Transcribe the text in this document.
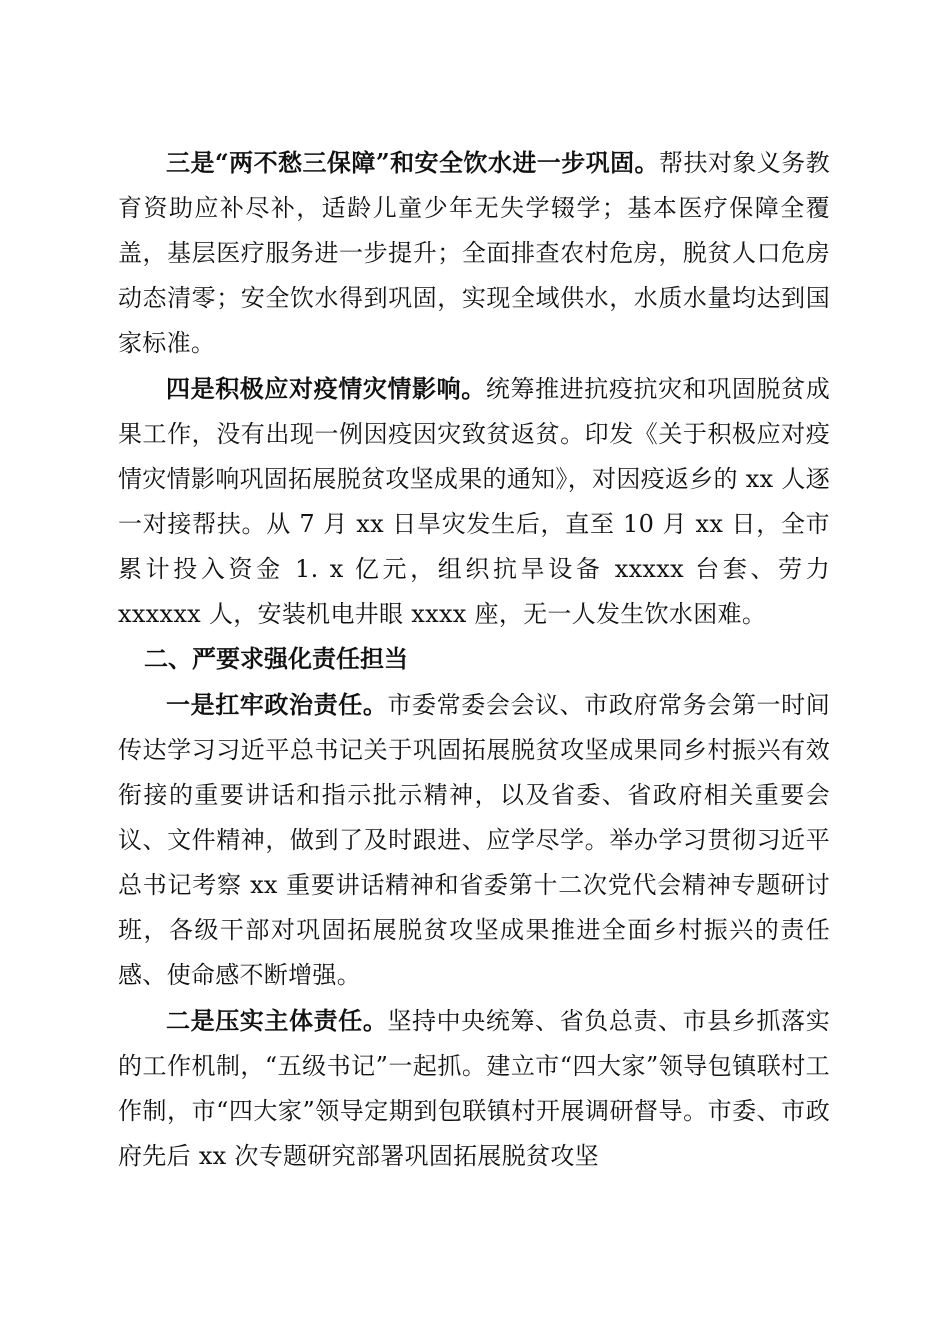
三是“两不愁三保障”和安全饮水进一步巩固。帮扶对象义务教育资助应补尽补，适龄儿童少年无失学辍学；基本医疗保障全覆盖，基层医疗服务进一步提升；全面排查农村危房，脱贫人口危房动态清零；安全饮水得到巩固，实现全域供水，水质水量均达到国家标准。

四是积极应对疫情灾情影响。统筹推进抗疫抗灾和巩固脱贫成果工作，没有出现一例因疫因灾致贫返贫。印发《关于积极应对疫情灾情影响巩固拓展脱贫攻坚成果的通知》，对因疫返乡的 xx 人逐一对接帮扶。从 7 月 xx 日旱灾发生后，直至 10 月 xx 日，全市累计投入资金 1. x 亿元，组织抗旱设备 xxxxx 台套、劳力 xxxxxx 人，安装机电井眼 xxxx 座，无一人发生饮水困难。

二、严要求强化责任担当

一是扛牢政治责任。市委常委会会议、市政府常务会第一时间传达学习习近平总书记关于巩固拓展脱贫攻坚成果同乡村振兴有效衔接的重要讲话和指示批示精神，以及省委、省政府相关重要会议、文件精神，做到了及时跟进、应学尽学。举办学习贯彻习近平总书记考察 xx 重要讲话精神和省委第十二次党代会精神专题研讨班，各级干部对巩固拓展脱贫攻坚成果推进全面乡村振兴的责任感、使命感不断增强。

二是压实主体责任。坚持中央统筹、省负总责、市县乡抓落实的工作机制，“五级书记”一起抓。建立市“四大家”领导包镇联村工作制，市“四大家”领导定期到包联镇村开展调研督导。市委、市政府先后 xx 次专题研究部署巩固拓展脱贫攻坚
